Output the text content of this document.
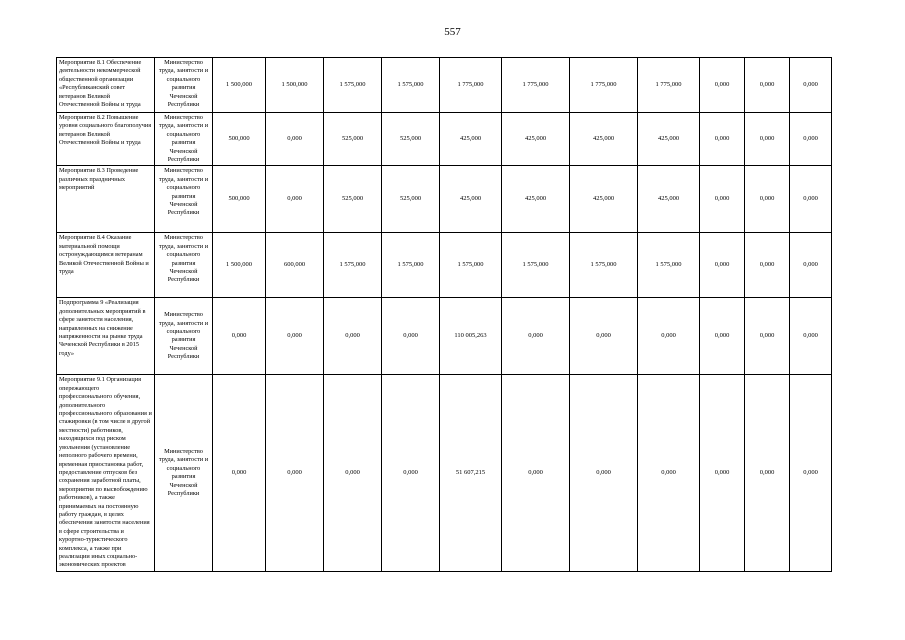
557
Мероприятие 8.1 Обеспечение деятельности некоммерческой общественной организации «Республиканский совет ветеранов Великой Отечественной Войны и труда	Министерство труда, занятости и социального развития Чеченской Республики	1 500,000	1 500,000	1 575,000	1 575,000	1 775,000	1 775,000	1 775,000	1 775,000	0,000	0,000	0,000
Мероприятие 8.2 Повышение уровня социального благополучия ветеранов Великой Отечественной Войны и труда	Министерство труда, занятости и социального развития Чеченской Республики	500,000	0,000	525,000	525,000	425,000	425,000	425,000	425,000	0,000	0,000	0,000
Мероприятие 8.3 Проведение различных праздничных мероприятий	Министерство труда, занятости и социального развития Чеченской Республики	500,000	0,000	525,000	525,000	425,000	425,000	425,000	425,000	0,000	0,000	0,000
Мероприятие 8.4 Оказание материальной помощи остронуждающимся ветеранам Великой Отечественной Войны и труда	Министерство труда, занятости и социального развития Чеченской Республики	1 500,000	600,000	1 575,000	1 575,000	1 575,000	1 575,000	1 575,000	1 575,000	0,000	0,000	0,000
Подпрограмма 9 «Реализация дополнительных мероприятий в сфере занятости населения, направленных на снижение напряженности на рынке труда Чеченской Республики в 2015 году»	Министерство труда, занятости и социального развития Чеченской Республики	0,000	0,000	0,000	0,000	110 005,263	0,000	0,000	0,000	0,000	0,000	0,000
Мероприятие 9.1 Организация опережающего профессионального обучения, дополнительного профессионального образования и стажировки (в том числе в другой местности) работников, находящихся под риском увольнения (установление неполного рабочего времени, временная приостановка работ, предоставление отпусков без сохранения заработной платы, мероприятия по высвобождению работников), а также принимаемых на постоянную работу граждан, в целях обеспечения занятости населения в сфере строительства и курортно-туристического комплекса, а также при реализации иных социально-экономических проектов	Министерство труда, занятости и социального развития Чеченской Республики	0,000	0,000	0,000	0,000	51 607,215	0,000	0,000	0,000	0,000	0,000	0,000
